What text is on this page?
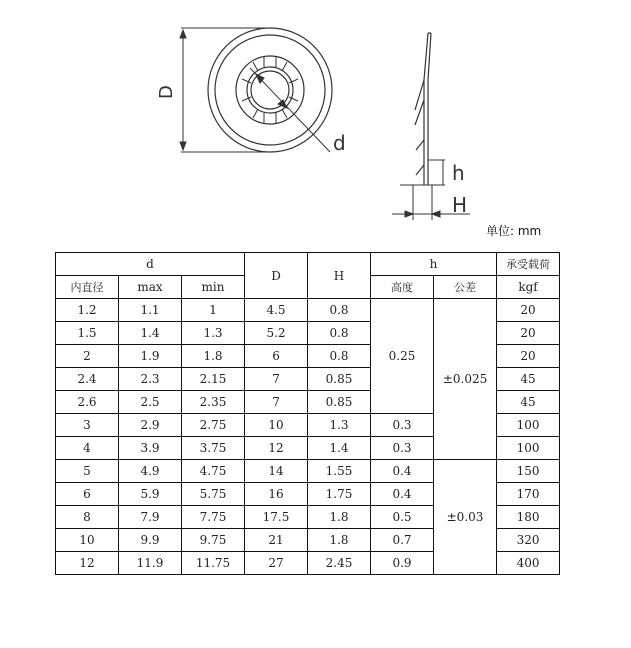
D
d
h
H
单位: mm
d			D	H	h		承受载荷
内直径	max	min			高度	公差	kgf
1.2	1.1	1	4.5	0.8	0.25	±0.025	20
1.5	1.4	1.3	5.2	0.8			20
2	1.9	1.8	6	0.8			20
2.4	2.3	2.15	7	0.85			45
2.6	2.5	2.35	7	0.85			45
3	2.9	2.75	10	1.3	0.3		100
4	3.9	3.75	12	1.4	0.3		100
5	4.9	4.75	14	1.55	0.4	±0.03	150
6	5.9	5.75	16	1.75	0.4		170
8	7.9	7.75	17.5	1.8	0.5		180
10	9.9	9.75	21	1.8	0.7		320
12	11.9	11.75	27	2.45	0.9		400
